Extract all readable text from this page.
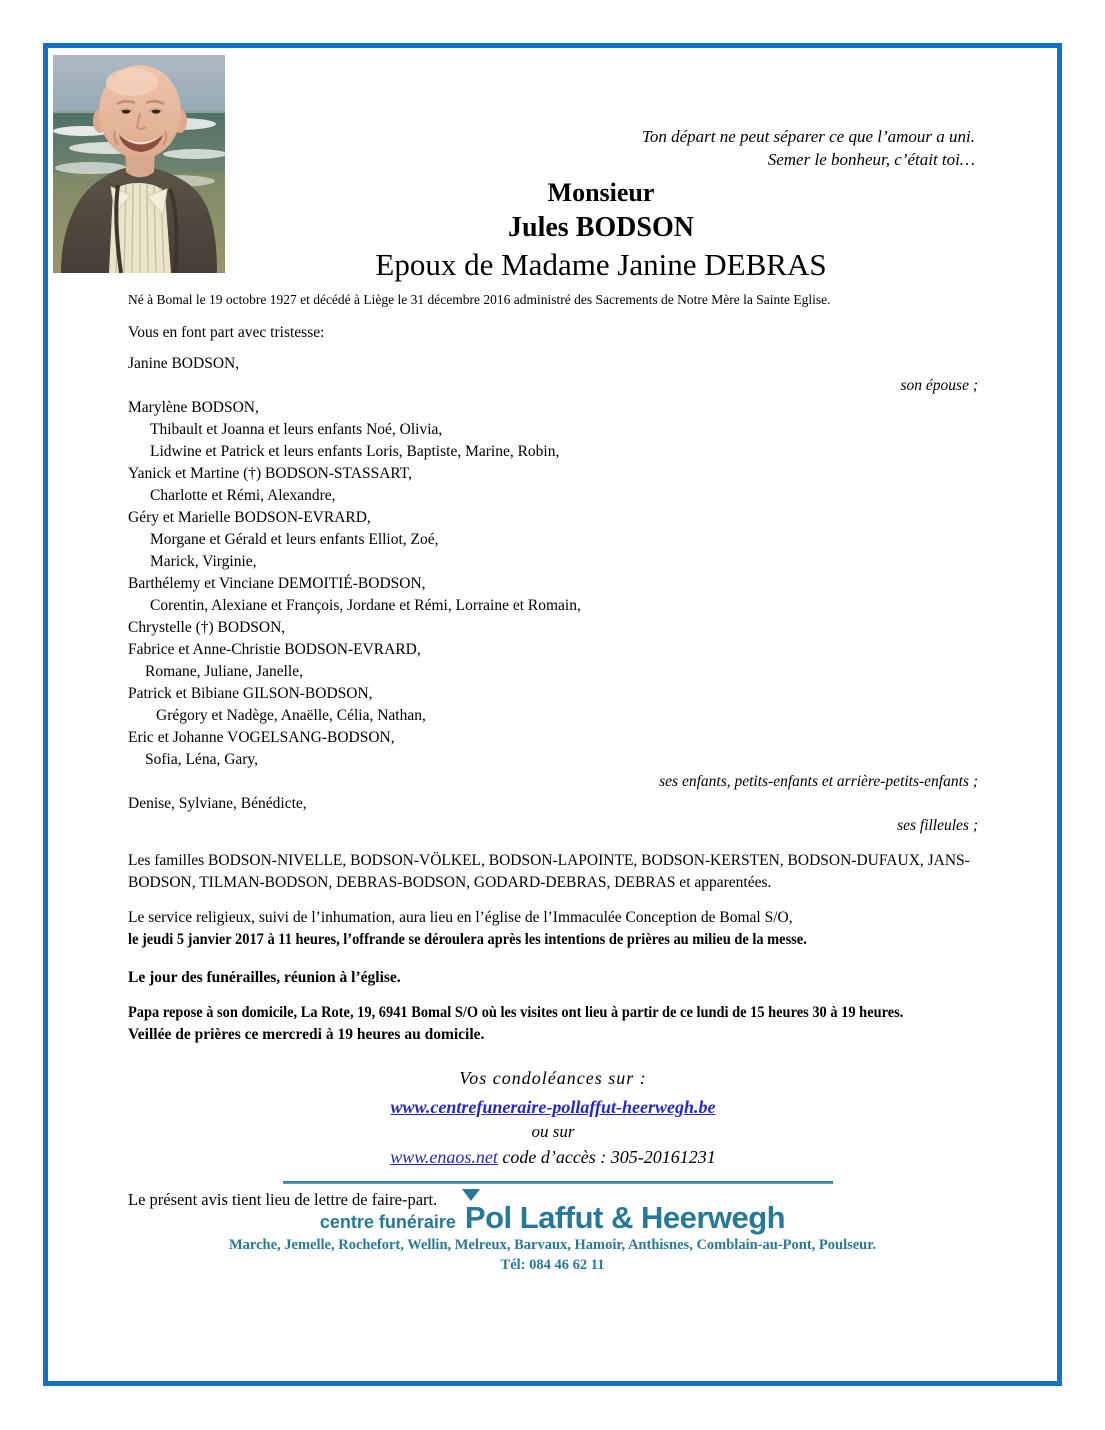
Ton départ ne peut séparer ce que l’amour a uni.
Semer le bonheur, c’était toi…
Monsieur
Jules BODSON
Epoux de Madame Janine DEBRAS

Né à Bomal le 19 octobre 1927 et décédé à Liège le 31 décembre 2016 administré des Sacrements de Notre Mère la Sainte Eglise.

Vous en font part avec tristesse:

Janine BODSON,
son épouse ;
Marylène BODSON,
Thibault et Joanna et leurs enfants Noé, Olivia,
Lidwine et Patrick et leurs enfants Loris, Baptiste, Marine, Robin,
Yanick et Martine (†) BODSON-STASSART,
Charlotte et Rémi, Alexandre,
Géry et Marielle BODSON-EVRARD,
Morgane et Gérald et leurs enfants Elliot, Zoé,
Marick, Virginie,
Barthélemy et Vinciane DEMOITIÉ-BODSON,
Corentin, Alexiane et François, Jordane et Rémi, Lorraine et Romain,
Chrystelle (†) BODSON,
Fabrice et Anne-Christie BODSON-EVRARD,
Romane, Juliane, Janelle,
Patrick et Bibiane GILSON-BODSON,
Grégory et Nadège, Anaëlle, Célia, Nathan,
Eric et Johanne VOGELSANG-BODSON,
Sofia, Léna, Gary,
ses enfants, petits-enfants et arrière-petits-enfants ;
Denise, Sylviane, Bénédicte,
ses filleules ;

Les familles BODSON-NIVELLE, BODSON-VÖLKEL, BODSON-LAPOINTE, BODSON-KERSTEN, BODSON-DUFAUX, JANS-BODSON, TILMAN-BODSON, DEBRAS-BODSON, GODARD-DEBRAS, DEBRAS et apparentées.

Le service religieux, suivi de l’inhumation, aura lieu en l’église de l’Immaculée Conception de Bomal S/O,

le jeudi 5 janvier 2017 à 11 heures, l’offrande se déroulera après les intentions de prières au milieu de la messe.

Le jour des funérailles, réunion à l’église.

Papa repose à son domicile, La Rote, 19, 6941 Bomal S/O où les visites ont lieu à partir de ce lundi de 15 heures 30 à 19 heures.
Veillée de prières ce mercredi à 19 heures au domicile.

Vos condoléances sur :
www.centrefuneraire-pollaffut-heerwegh.be
ou sur
www.enaos.net code d’accès : 305-20161231

Le présent avis tient lieu de lettre de faire-part.

centre funéraire Pol Laffut & Heerwegh
Marche, Jemelle, Rochefort, Wellin, Melreux, Barvaux, Hamoir, Anthisnes, Comblain-au-Pont, Poulseur.
Tél: 084 46 62 11
